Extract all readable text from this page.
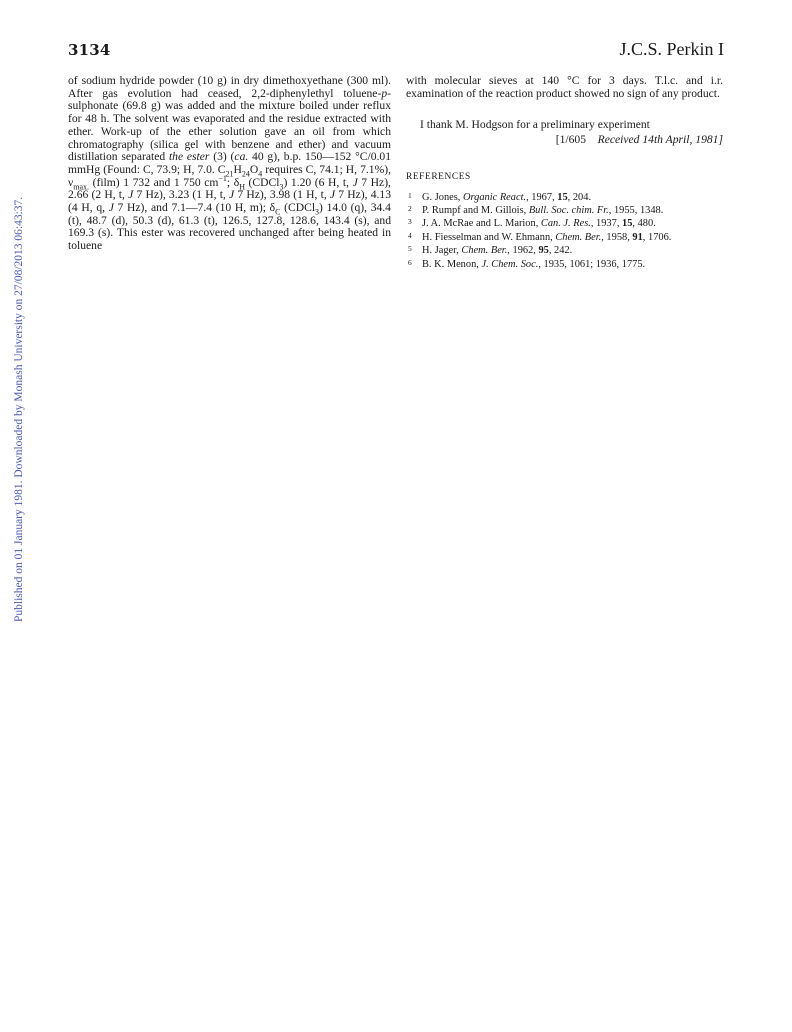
3134	J.C.S. Perkin I
Published on 01 January 1981. Downloaded by Monash University on 27/08/2013 06:43:37.

of sodium hydride powder (10 g) in dry dimethoxyethane (300 ml). After gas evolution had ceased, 2,2-diphenylethyl toluene-p-sulphonate (69.8 g) was added and the mixture boiled under reflux for 48 h. The solvent was evaporated and the residue extracted with ether. Work-up of the ether solution gave an oil from which chromatography (silica gel with benzene and ether) and vacuum distillation separated the ester (3) (ca. 40 g), b.p. 150—152 °C/0.01 mmHg (Found: C, 73.9; H, 7.0. $C_{21}H_{24}O_4$ requires C, 74.1; H, 7.1%), $\nu_{max.}$ (film) 1 732 and 1 750 $cm^{-1}$; $\delta_H$ (CDCl$_3$) 1.20 (6 H, t, J 7 Hz), 2.66 (2 H, t, J 7 Hz), 3.23 (1 H, t, J 7 Hz), 3.98 (1 H, t, J 7 Hz), 4.13 (4 H, q, J 7 Hz), and 7.1—7.4 (10 H, m); $\delta_C$ (CDCl$_3$) 14.0 (q), 34.4 (t), 48.7 (d), 50.3 (d), 61.3 (t), 126.5, 127.8, 128.6, 143.4 (s), and 169.3 (s). This ester was recovered unchanged after being heated in toluene

with molecular sieves at 140 °C for 3 days. T.l.c. and i.r. examination of the reaction product showed no sign of any product.

I thank M. Hodgson for a preliminary experiment

[1/605  Received 14th April, 1981]

REFERENCES

1 G. Jones, Organic React., 1967, 15, 204.

2 P. Rumpf and M. Gillois, Bull. Soc. chim. Fr., 1955, 1348.

3 J. A. McRae and L. Marion, Can. J. Res., 1937, 15, 480.

4 H. Fiesselman and W. Ehmann, Chem. Ber., 1958, 91, 1706.

5 H. Jager, Chem. Ber., 1962, 95, 242.

6 B. K. Menon, J. Chem. Soc., 1935, 1061; 1936, 1775.
